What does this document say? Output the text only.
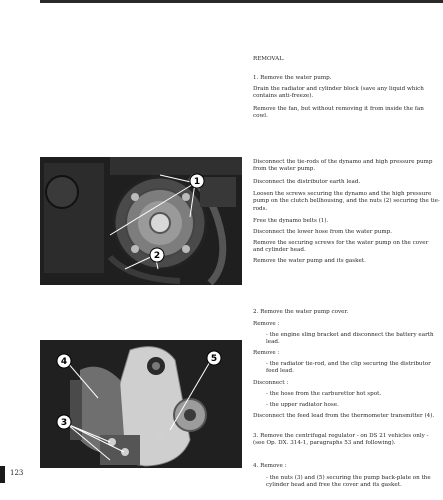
REMOVAL.

1. Remove the water pump.

Drain the radiator and cylinder block (save any liquid which contains anti-freeze).

Remove the fan, but without removing it from inside the fan cowl.

Disconnect the tie-rods of the dynamo and high pressure pump from the water pump.

Disconnect the distributor earth lead.

Loosen the screws securing the dynamo and the high pressure pump on the clutch bellhousing, and the nuts (2) securing the tie-rods.

Free the dynamo belts (1).

Disconnect the lower hose from the water pump.

Remove the securing screws for the water pump on the cover and cylinder head.

Remove the water pump and its gasket.

2. Remove the water pump cover.

Remove :

- the engine sling bracket and disconnect the battery earth lead.

Remove :

- the radiator tie-rod, and the clip securing the distributor feed lead.

Disconnect :

- the hose from the carburettor hot spot.

- the upper radiator hose.

Disconnect the feed lead from the thermometer transmitter (4).

3. Remove the centrifugal regulator - on DS 21 vehicles only - (see Op. DX. 314-1, paragraphs 53 and following).

4. Remove :

- the nuts (3) and (5) securing the pump back-plate on the cylinder head and free the cover and its gasket.

1
2
4	5
3
123
